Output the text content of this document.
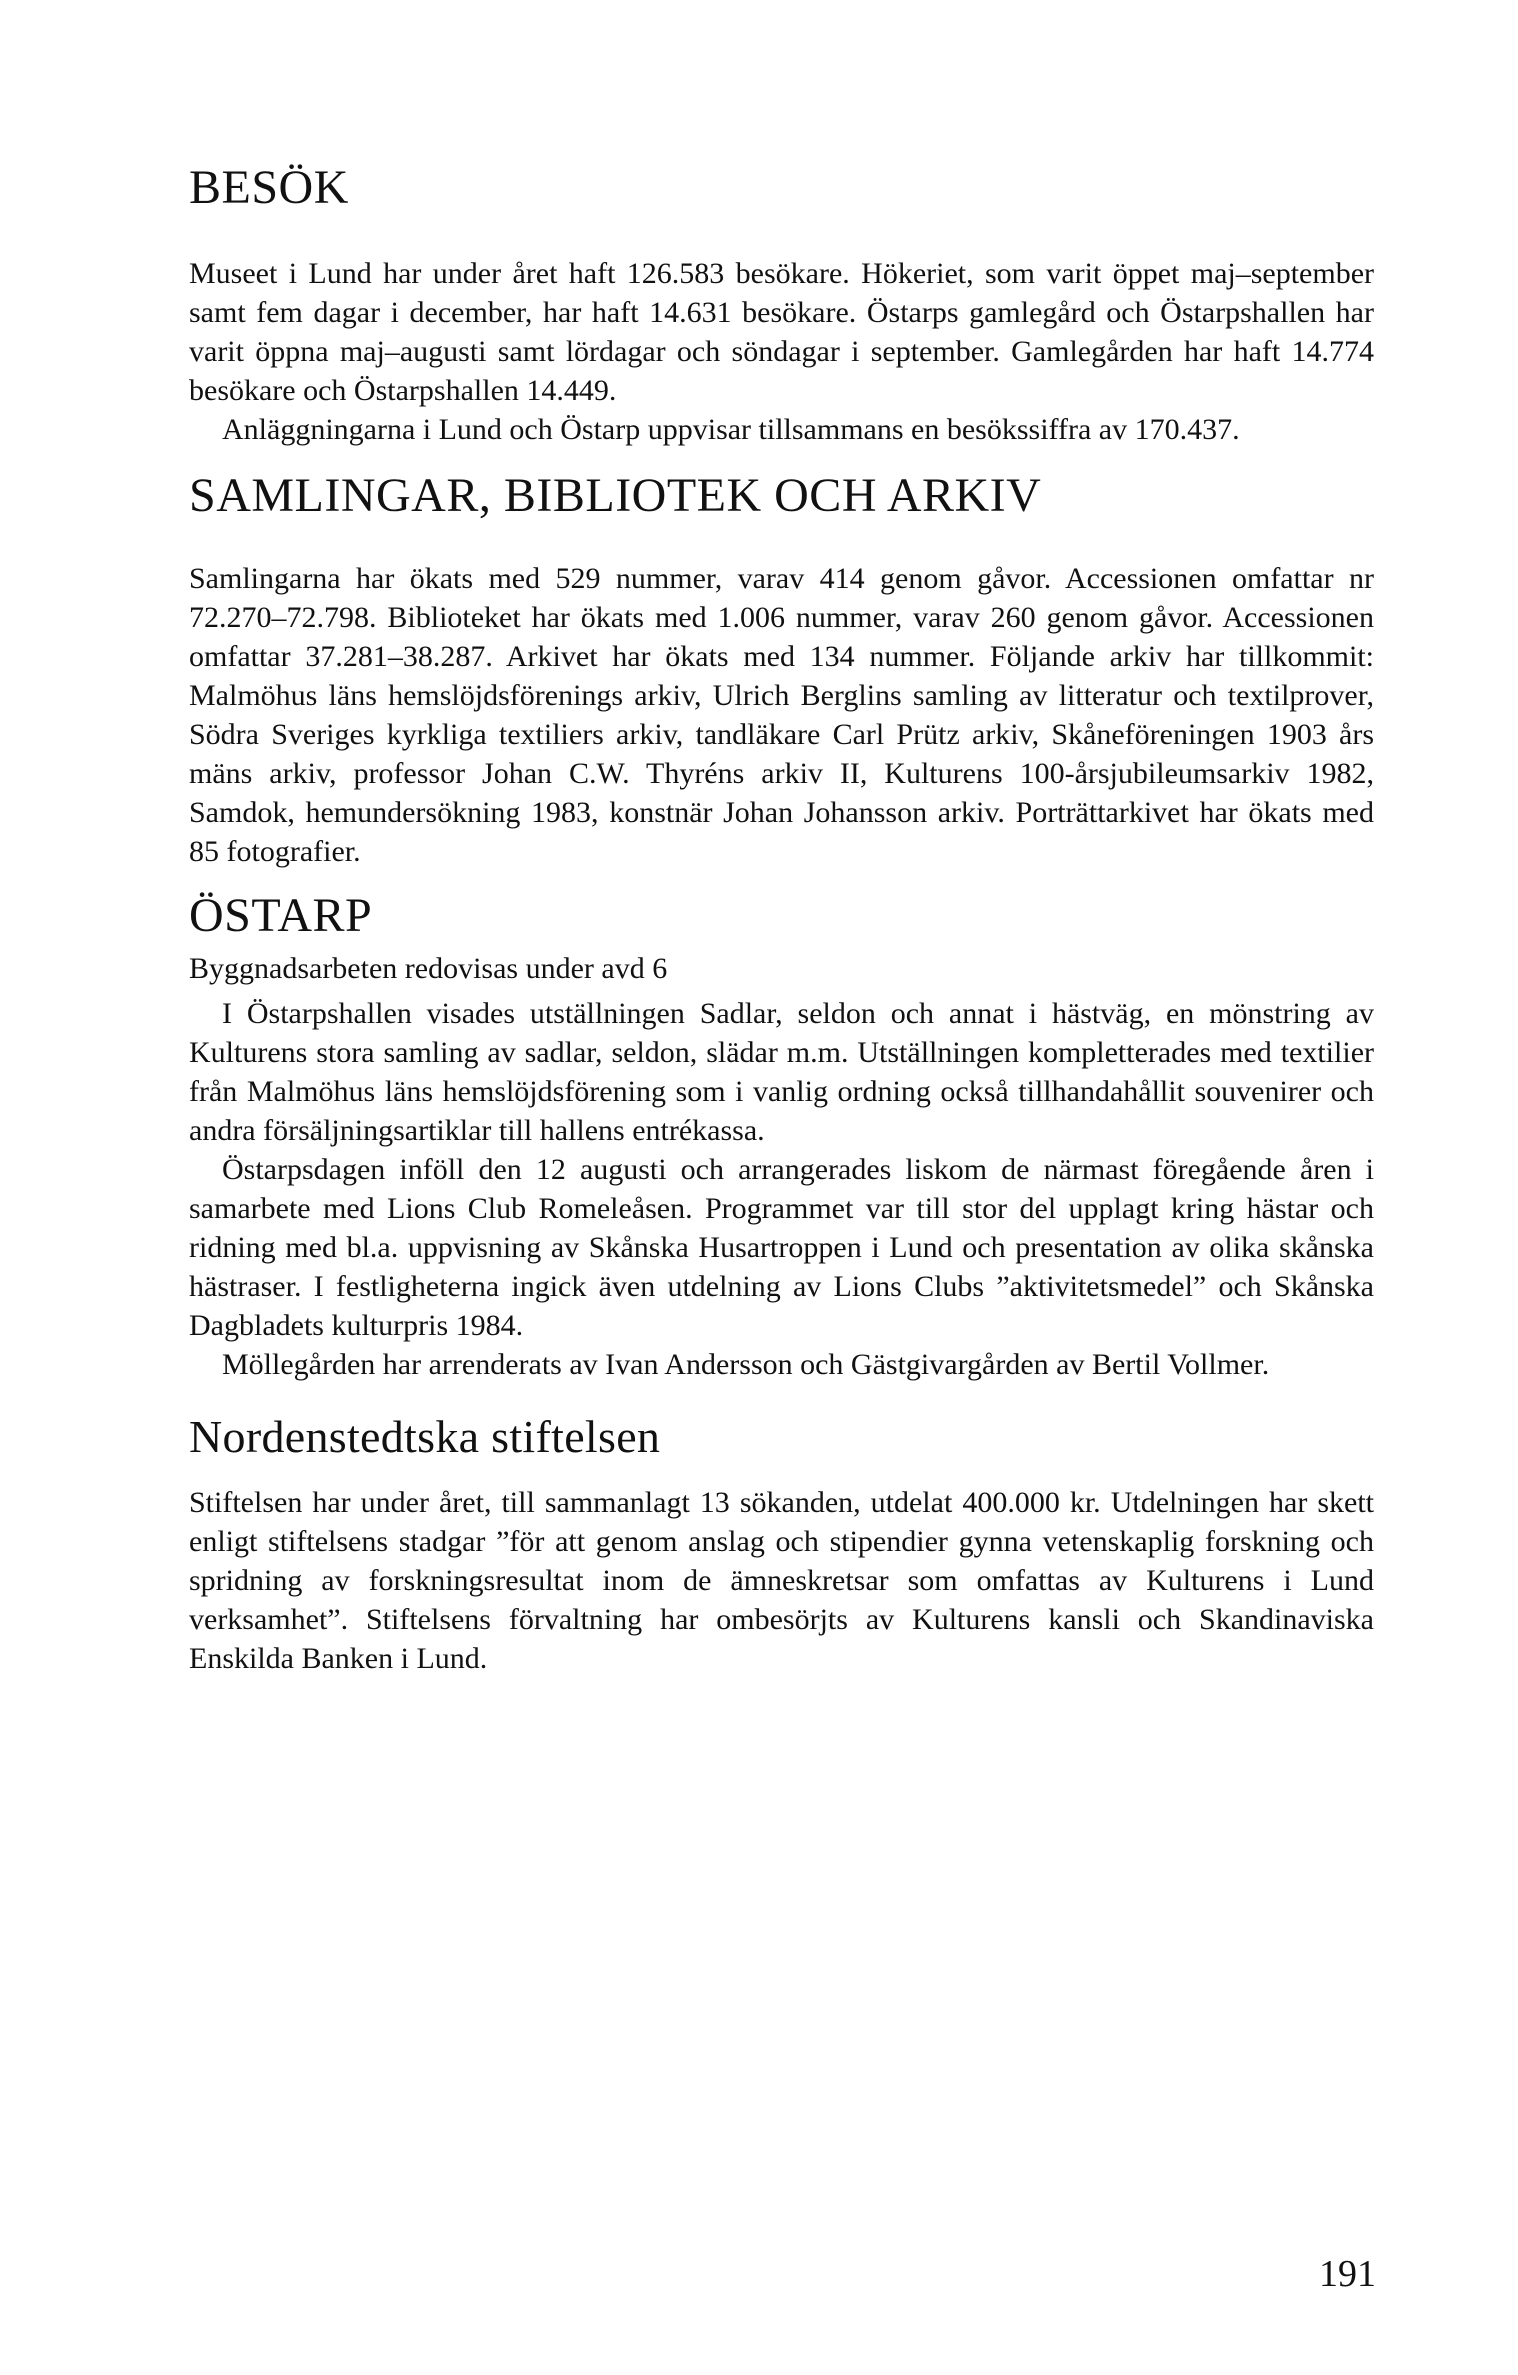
BESÖK

Museet i Lund har under året haft 126.583 besökare. Hökeriet, som varit öppet maj–september samt fem dagar i december, har haft 14.631 besökare. Östarps gamlegård och Östarpshallen har varit öppna maj–augusti samt lördagar och söndagar i september. Gamlegården har haft 14.774 besökare och Östarpshallen 14.449.

Anläggningarna i Lund och Östarp uppvisar tillsammans en besökssiffra av 170.437.

SAMLINGAR, BIBLIOTEK OCH ARKIV

Samlingarna har ökats med 529 nummer, varav 414 genom gåvor. Accessionen omfattar nr 72.270–72.798. Biblioteket har ökats med 1.006 nummer, varav 260 genom gåvor. Accessionen omfattar 37.281–38.287. Arkivet har ökats med 134 nummer. Följande arkiv har tillkommit: Malmöhus läns hemslöjdsförenings arkiv, Ulrich Berglins samling av litteratur och textilprover, Södra Sveriges kyrkliga textiliers arkiv, tandläkare Carl Prütz arkiv, Skåneföreningen 1903 års mäns arkiv, professor Johan C.W. Thyréns arkiv II, Kulturens 100-årsjubileumsarkiv 1982, Samdok, hemundersökning 1983, konstnär Johan Johansson arkiv. Porträttarkivet har ökats med 85 fotografier.

ÖSTARP

Byggnadsarbeten redovisas under avd 6

I Östarpshallen visades utställningen Sadlar, seldon och annat i hästväg, en mönstring av Kulturens stora samling av sadlar, seldon, slädar m.m. Utställningen kompletterades med textilier från Malmöhus läns hemslöjdsförening som i vanlig ordning också tillhandahållit souvenirer och andra försäljningsartiklar till hallens entrékassa.

Östarpsdagen inföll den 12 augusti och arrangerades liskom de närmast föregående åren i samarbete med Lions Club Romeleåsen. Programmet var till stor del upplagt kring hästar och ridning med bl.a. uppvisning av Skånska Husartroppen i Lund och presentation av olika skånska hästraser. I festligheterna ingick även utdelning av Lions Clubs ”aktivitetsmedel” och Skånska Dagbladets kulturpris 1984.

Möllegården har arrenderats av Ivan Andersson och Gästgivargården av Bertil Vollmer.

Nordenstedtska stiftelsen

Stiftelsen har under året, till sammanlagt 13 sökanden, utdelat 400.000 kr. Utdelningen har skett enligt stiftelsens stadgar ”för att genom anslag och stipendier gynna vetenskaplig forskning och spridning av forskningsresultat inom de ämneskretsar som omfattas av Kulturens i Lund verksamhet”. Stiftelsens förvaltning har ombesörjts av Kulturens kansli och Skandinaviska Enskilda Banken i Lund.

191
